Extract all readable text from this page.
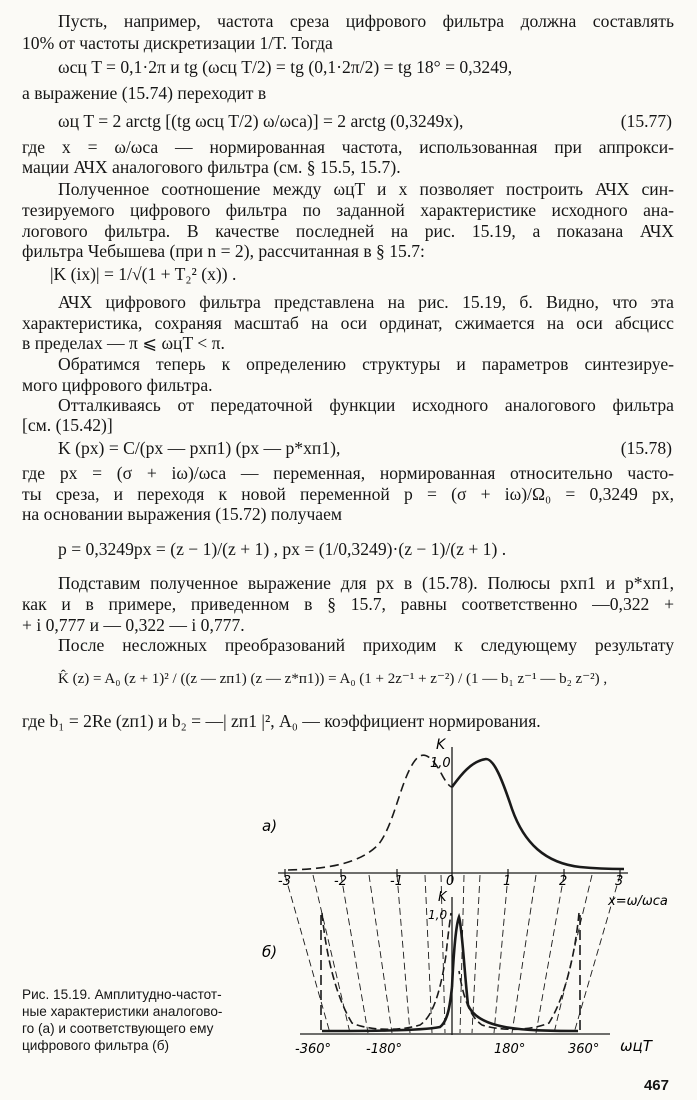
Пусть, например, частота среза цифрового фильтра должна составлять
10% от частоты дискретизации 1/T. Тогда
ωсц T = 0,1·2π и tg (ωсц T/2) = tg (0,1·2π/2) = tg 18° = 0,3249,
а выражение (15.74) переходит в
ωц T = 2 arctg [(tg ωсц T/2) ω/ωса)] = 2 arctg (0,3249x),	(15.77)
где x = ω/ωса — нормированная частота, использованная при аппрокси-
мации АЧХ аналогового фильтра (см. § 15.5, 15.7).
Полученное соотношение между ωцT и x позволяет построить АЧХ син-
тезируемого цифрового фильтра по заданной характеристике исходного ана-
логового фильтра. В качестве последней на рис. 15.19, а показана АЧХ
фильтра Чебышева (при n = 2), рассчитанная в § 15.7:
|K (ix)| = 1/√(1 + T₂² (x)) .
АЧХ цифрового фильтра представлена на рис. 15.19, б. Видно, что эта
характеристика, сохраняя масштаб на оси ординат, сжимается на оси абсцисс
в пределах — π ⩽ ωцT < π.
Обратимся теперь к определению структуры и параметров синтезируе-
мого цифрового фильтра.
Отталкиваясь от передаточной функции исходного аналогового фильтра
[см. (15.42)]
K (px) = C/(px — pxп1) (px — p*xп1),	(15.78)
где px = (σ + iω)/ωса — переменная, нормированная относительно часто-
ты среза, и переходя к новой переменной p = (σ + iω)/Ω₀ = 0,3249 px,
на основании выражения (15.72) получаем
p = 0,3249px = (z − 1)/(z + 1) , px = (1/0,3249)·(z − 1)/(z + 1) .
Подставим полученное выражение для px в (15.78). Полюсы pxп1 и p*xп1,
как и в примере, приведенном в § 15.7, равны соответственно —0,322 +
+ i 0,777 и — 0,322 — i 0,777.
После несложных преобразований приходим к следующему результату
K̂ (z) = A₀ (z + 1)² / ((z — zп1) (z — z*п1)) = A₀ (1 + 2z⁻¹ + z⁻²) / (1 — b₁ z⁻¹ — b₂ z⁻²) ,
где b₁ = 2Re (zп1) и b₂ = —| zп1 |², A₀ — коэффициент нормирования.
а)
б)
K
1,0
K
1,0
x=ω/ωса
-3	-2	-1	0	1	2	3
-360°	-180°	180°	360° ωцT
Рис. 15.19. Амплитудно-частот-
ные характеристики аналогово-
го (а) и соответствующего ему
цифрового фильтра (б)
467
